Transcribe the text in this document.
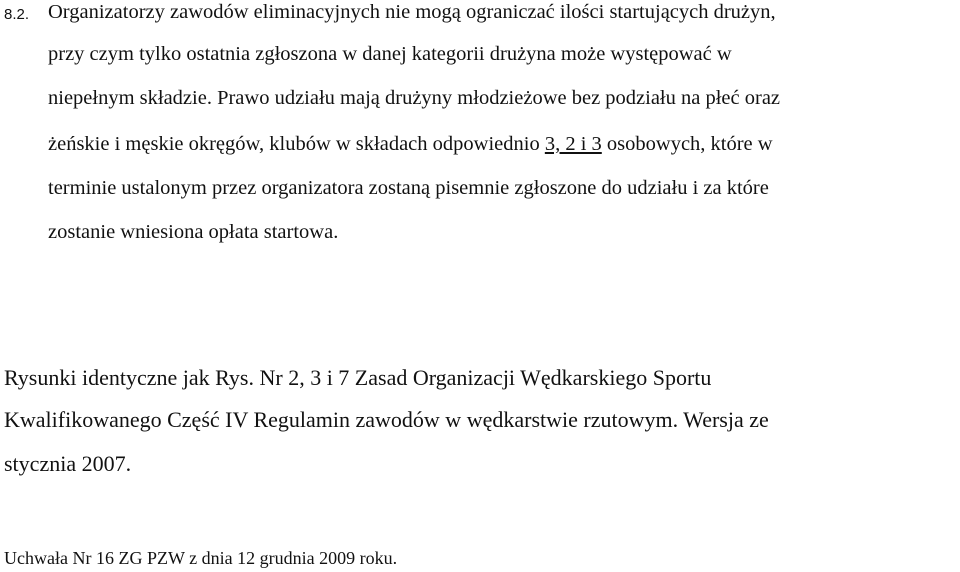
8.2. Organizatorzy zawodów eliminacyjnych nie mogą ograniczać ilości startujących drużyn,
przy czym tylko ostatnia zgłoszona w danej kategorii drużyna może występować w
niepełnym składzie. Prawo udziału mają drużyny młodzieżowe bez podziału na płeć oraz
żeńskie i męskie okręgów, klubów w składach odpowiednio 3, 2 i 3 osobowych, które w
terminie ustalonym przez organizatora zostaną pisemnie zgłoszone do udziału i za które
zostanie wniesiona opłata startowa.
Rysunki identyczne jak Rys. Nr 2, 3 i 7 Zasad Organizacji Wędkarskiego Sportu
Kwalifikowanego Część IV Regulamin zawodów w wędkarstwie rzutowym. Wersja ze
stycznia 2007.
Uchwała Nr 16 ZG PZW z dnia 12 grudnia 2009 roku.
